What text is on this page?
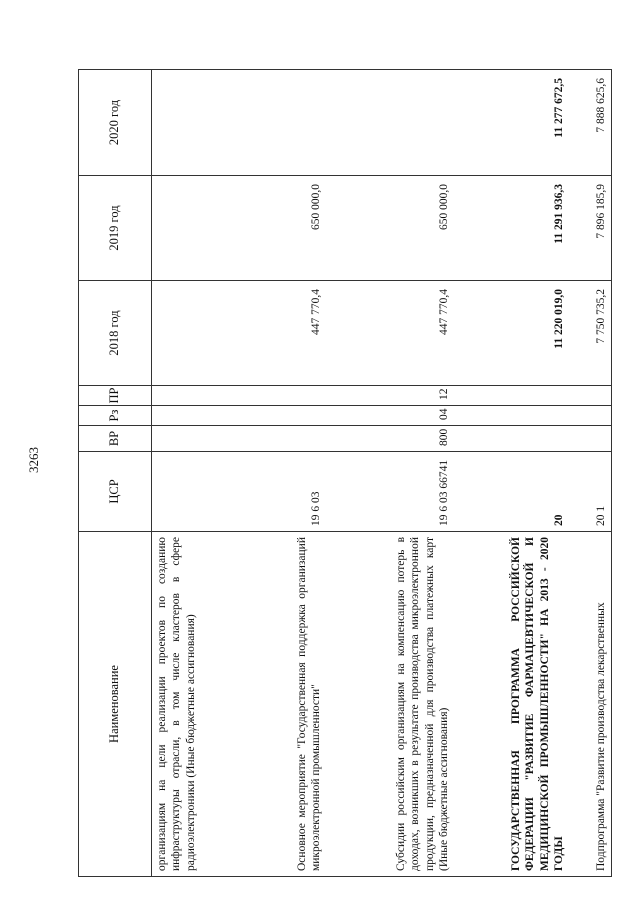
3263
Наименование	ЦСР	ВР	Рз	ПР	2018 год	2019 год	2020 год
организациям на цели реализации проектов по созданию инфраструктуры отрасли, в том числе кластеров в сфере радиоэлектроники (Иные бюджетные ассигнования)							
Основное мероприятие "Государственная поддержка организаций микроэлектронной промышленности"	19 6 03				447 770,4	650 000,0	
Субсидии российским организациям на компенсацию потерь в доходах, возникших в результате производства микроэлектронной продукции, предназначенной для производства платежных карт (Иные бюджетные ассигнования)	19 6 03 66741	800	04	12	447 770,4	650 000,0	
ГОСУДАРСТВЕННАЯ ПРОГРАММА РОССИЙСКОЙ ФЕДЕРАЦИИ "РАЗВИТИЕ ФАРМАЦЕВТИЧЕСКОЙ И МЕДИЦИНСКОЙ ПРОМЫШЛЕННОСТИ" НА 2013 - 2020 ГОДЫ	20				11 220 019,0	11 291 936,3	11 277 672,5
Подпрограмма "Развитие производства лекарственных	20 1				7 750 735,2	7 896 185,9	7 888 625,6
